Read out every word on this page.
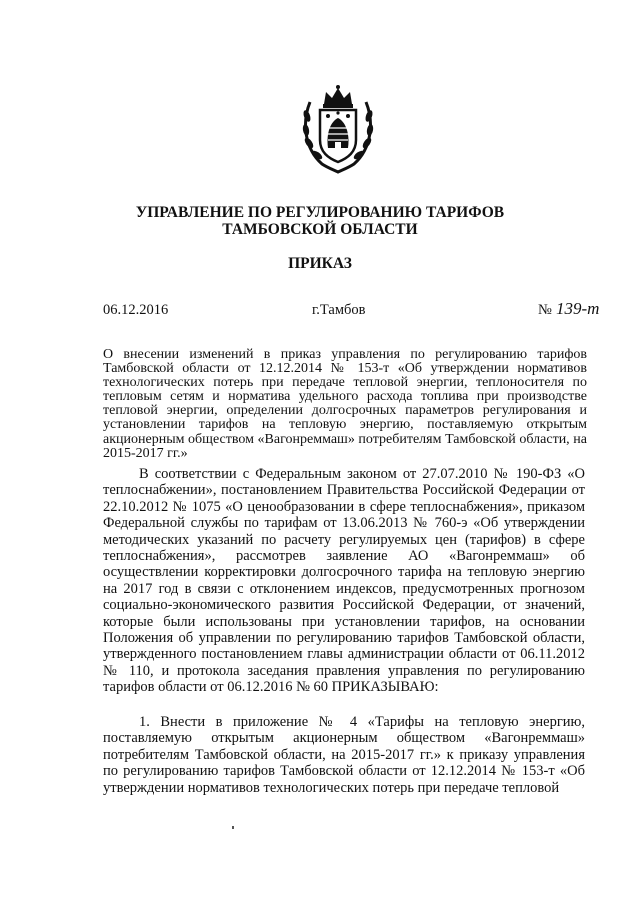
УПРАВЛЕНИЕ ПО РЕГУЛИРОВАНИЮ ТАРИФОВ
ТАМБОВСКОЙ ОБЛАСТИ
ПРИКАЗ
06.12.2016	г.Тамбов	№ 139-т
О внесении изменений в приказ управления по регулированию тарифов Тамбовской области от 12.12.2014 № 153-т «Об утверждении нормативов технологических потерь при передаче тепловой энергии, теплоносителя по тепловым сетям и норматива удельного расхода топлива при производстве тепловой энергии, определении долгосрочных параметров регулирования и установлении тарифов на тепловую энергию, поставляемую открытым акционерным обществом «Вагонреммаш» потребителям Тамбовской области, на 2015-2017 гг.»
В соответствии с Федеральным законом от 27.07.2010 № 190-ФЗ «О теплоснабжении», постановлением Правительства Российской Федерации от 22.10.2012 № 1075 «О ценообразовании в сфере теплоснабжения», приказом Федеральной службы по тарифам от 13.06.2013 № 760-э «Об утверждении методических указаний по расчету регулируемых цен (тарифов) в сфере теплоснабжения», рассмотрев заявление АО «Вагонреммаш» об осуществлении корректировки долгосрочного тарифа на тепловую энергию на 2017 год в связи с отклонением индексов, предусмотренных прогнозом социально-экономического развития Российской Федерации, от значений, которые были использованы при установлении тарифов, на основании Положения об управлении по регулированию тарифов Тамбовской области, утвержденного постановлением главы администрации области от 06.11.2012 № 110, и протокола заседания правления управления по регулированию тарифов области от 06.12.2016 № 60 ПРИКАЗЫВАЮ:
1. Внести в приложение № 4 «Тарифы на тепловую энергию, поставляемую открытым акционерным обществом «Вагонреммаш» потребителям Тамбовской области, на 2015-2017 гг.» к приказу управления по регулированию тарифов Тамбовской области от 12.12.2014 № 153-т «Об утверждении нормативов технологических потерь при передаче тепловой
